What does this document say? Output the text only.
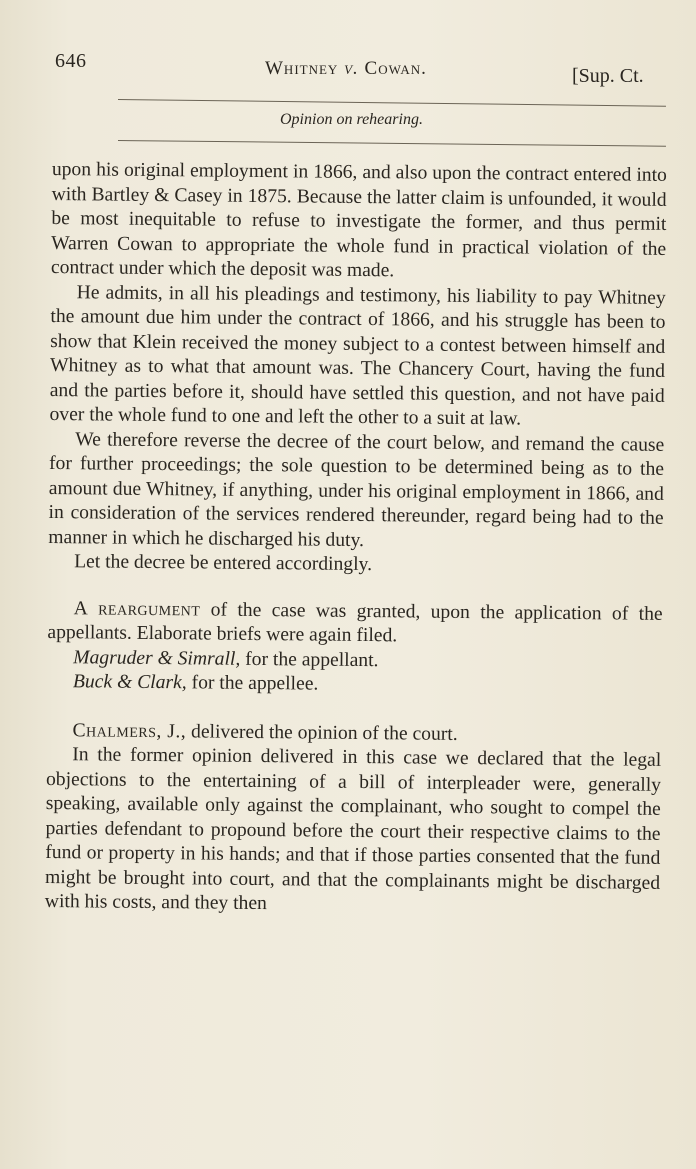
646	Whitney v. Cowan.	[Sup. Ct.
Opinion on rehearing.

upon his original employment in 1866, and also upon the contract entered into with Bartley & Casey in 1875. Because the latter claim is unfounded, it would be most inequitable to refuse to investigate the former, and thus permit Warren Cowan to appropriate the whole fund in practical violation of the contract under which the deposit was made.

He admits, in all his pleadings and testimony, his liability to pay Whitney the amount due him under the contract of 1866, and his struggle has been to show that Klein received the money subject to a contest between himself and Whitney as to what that amount was. The Chancery Court, having the fund and the parties before it, should have settled this question, and not have paid over the whole fund to one and left the other to a suit at law.

We therefore reverse the decree of the court below, and remand the cause for further proceedings; the sole question to be determined being as to the amount due Whitney, if anything, under his original employment in 1866, and in consideration of the services rendered thereunder, regard being had to the manner in which he discharged his duty.

Let the decree be entered accordingly.

A reargument of the case was granted, upon the application of the appellants. Elaborate briefs were again filed.

Magruder & Simrall, for the appellant.

Buck & Clark, for the appellee.

Chalmers, J., delivered the opinion of the court.

In the former opinion delivered in this case we declared that the legal objections to the entertaining of a bill of interpleader were, generally speaking, available only against the complainant, who sought to compel the parties defendant to propound before the court their respective claims to the fund or property in his hands; and that if those parties consented that the fund might be brought into court, and that the complainants might be discharged with his costs, and they then
